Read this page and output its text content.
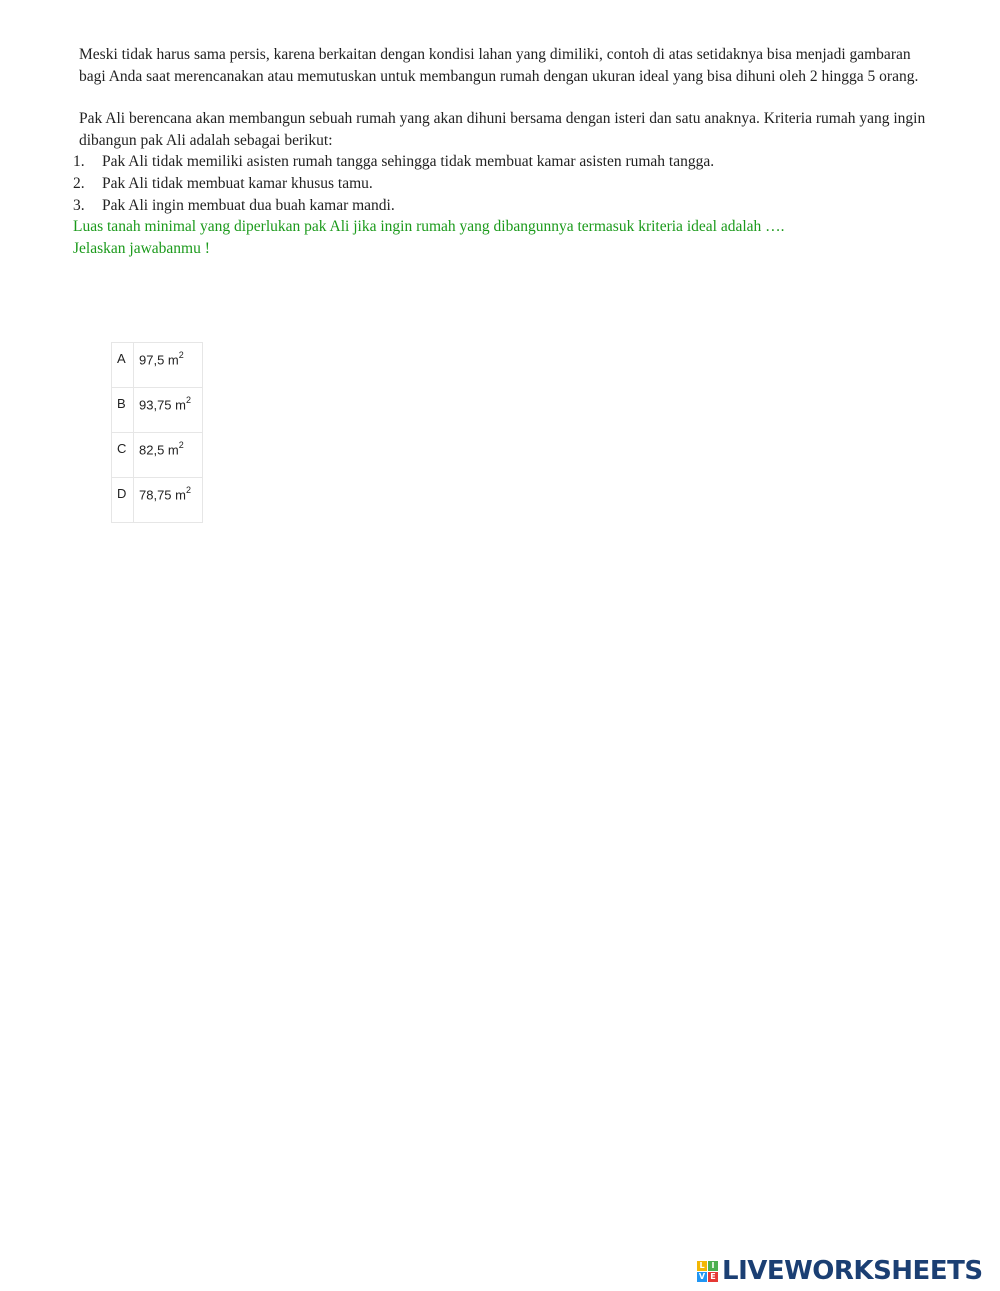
Meski tidak harus sama persis, karena berkaitan dengan kondisi lahan yang dimiliki, contoh di atas setidaknya bisa menjadi gambaran bagi Anda saat merencanakan atau memutuskan untuk membangun rumah dengan ukuran ideal yang bisa dihuni oleh 2 hingga 5 orang.
Pak Ali berencana akan membangun sebuah rumah yang akan dihuni bersama dengan isteri dan satu anaknya. Kriteria rumah yang ingin dibangun pak Ali adalah sebagai berikut:
1. Pak Ali tidak memiliki asisten rumah tangga sehingga tidak membuat kamar asisten rumah tangga.
2. Pak Ali tidak membuat kamar khusus tamu.
3. Pak Ali ingin membuat dua buah kamar mandi.
Luas tanah minimal yang diperlukan pak Ali jika ingin rumah yang dibangunnya termasuk kriteria ideal adalah ….
Jelaskan jawabanmu !
A	97,5 $m^2$
B	93,75 $m^2$
C	82,5 $m^2$
D	78,75 $m^2$
L I
V E LIVEWORKSHEETS
